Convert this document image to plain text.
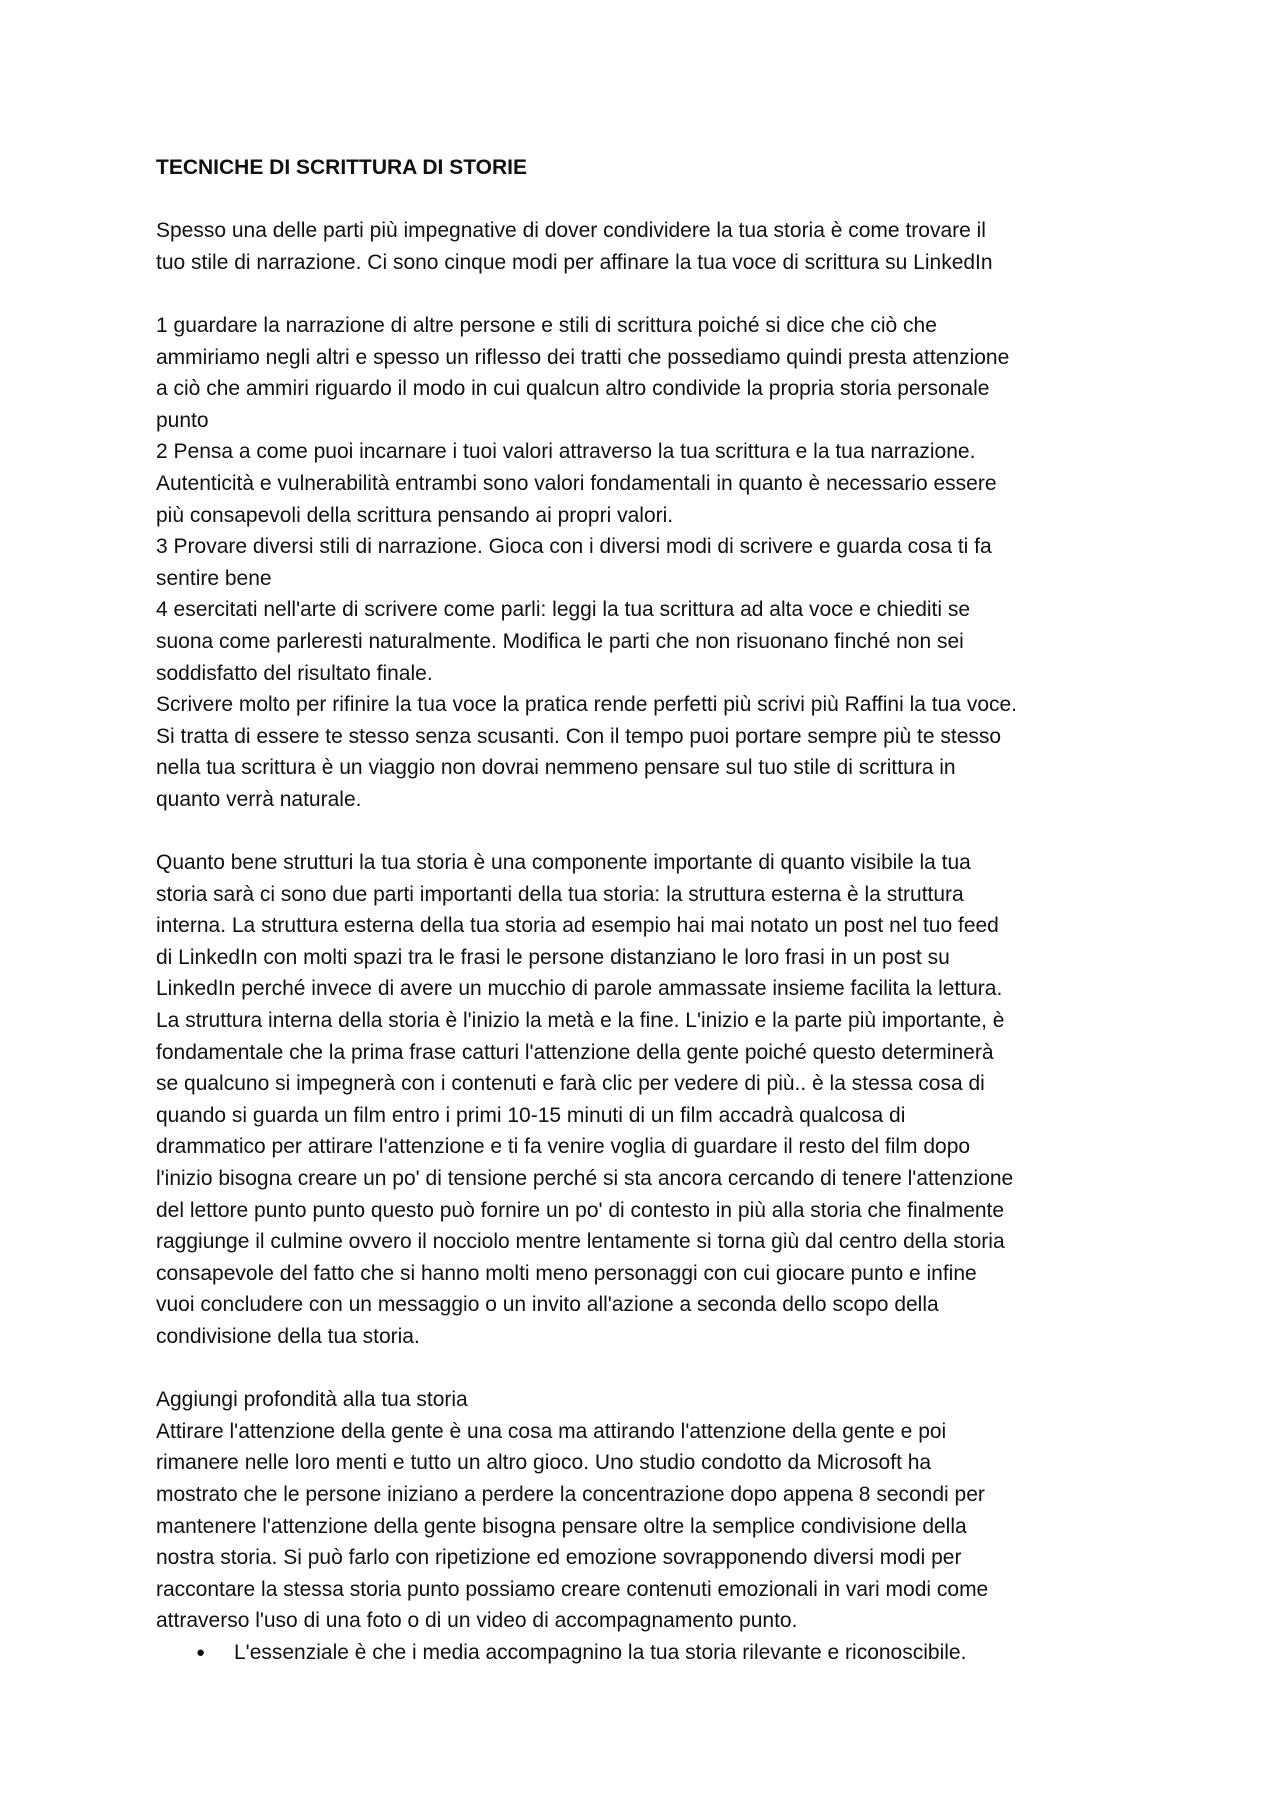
TECNICHE DI SCRITTURA DI STORIE

Spesso una delle parti più impegnative di dover condividere la tua storia è come trovare il

tuo stile di narrazione. Ci sono cinque modi per affinare la tua voce di scrittura su LinkedIn

1 guardare la narrazione di altre persone e stili di scrittura poiché si dice che ciò che

ammiriamo negli altri e spesso un riflesso dei tratti che possediamo quindi presta attenzione

a ciò che ammiri riguardo il modo in cui qualcun altro condivide la propria storia personale

punto

2 Pensa a come puoi incarnare i tuoi valori attraverso la tua scrittura e la tua narrazione.

Autenticità e vulnerabilità entrambi sono valori fondamentali in quanto è necessario essere

più consapevoli della scrittura pensando ai propri valori.

3 Provare diversi stili di narrazione. Gioca con i diversi modi di scrivere e guarda cosa ti fa

sentire bene

4 esercitati nell'arte di scrivere come parli: leggi la tua scrittura ad alta voce e chiediti se

suona come parleresti naturalmente. Modifica le parti che non risuonano finché non sei

soddisfatto del risultato finale.

Scrivere molto per rifinire la tua voce la pratica rende perfetti più scrivi più Raffini la tua voce.

Si tratta di essere te stesso senza scusanti. Con il tempo puoi portare sempre più te stesso

nella tua scrittura è un viaggio non dovrai nemmeno pensare sul tuo stile di scrittura in

quanto verrà naturale.

Quanto bene strutturi la tua storia è una componente importante di quanto visibile la tua

storia sarà ci sono due parti importanti della tua storia: la struttura esterna è la struttura

interna. La struttura esterna della tua storia ad esempio hai mai notato un post nel tuo feed

di LinkedIn con molti spazi tra le frasi le persone distanziano le loro frasi in un post su

LinkedIn perché invece di avere un mucchio di parole ammassate insieme facilita la lettura.

La struttura interna della storia è l'inizio la metà e la fine. L'inizio e la parte più importante, è

fondamentale che la prima frase catturi l'attenzione della gente poiché questo determinerà

se qualcuno si impegnerà con i contenuti e farà clic per vedere di più.. è la stessa cosa di

quando si guarda un film entro i primi 10-15 minuti di un film accadrà qualcosa di

drammatico per attirare l'attenzione e ti fa venire voglia di guardare il resto del film dopo

l'inizio bisogna creare un po' di tensione perché si sta ancora cercando di tenere l'attenzione

del lettore punto punto questo può fornire un po' di contesto in più alla storia che finalmente

raggiunge il culmine ovvero il nocciolo mentre lentamente si torna giù dal centro della storia

consapevole del fatto che si hanno molti meno personaggi con cui giocare punto e infine

vuoi concludere con un messaggio o un invito all'azione a seconda dello scopo della

condivisione della tua storia.

Aggiungi profondità alla tua storia

Attirare l'attenzione della gente è una cosa ma attirando l'attenzione della gente e poi

rimanere nelle loro menti e tutto un altro gioco. Uno studio condotto da Microsoft ha

mostrato che le persone iniziano a perdere la concentrazione dopo appena 8 secondi per

mantenere l'attenzione della gente bisogna pensare oltre la semplice condivisione della

nostra storia. Si può farlo con ripetizione ed emozione sovrapponendo diversi modi per

raccontare la stessa storia punto possiamo creare contenuti emozionali in vari modi come

attraverso l'uso di una foto o di un video di accompagnamento punto.

● L'essenziale è che i media accompagnino la tua storia rilevante e riconoscibile.
